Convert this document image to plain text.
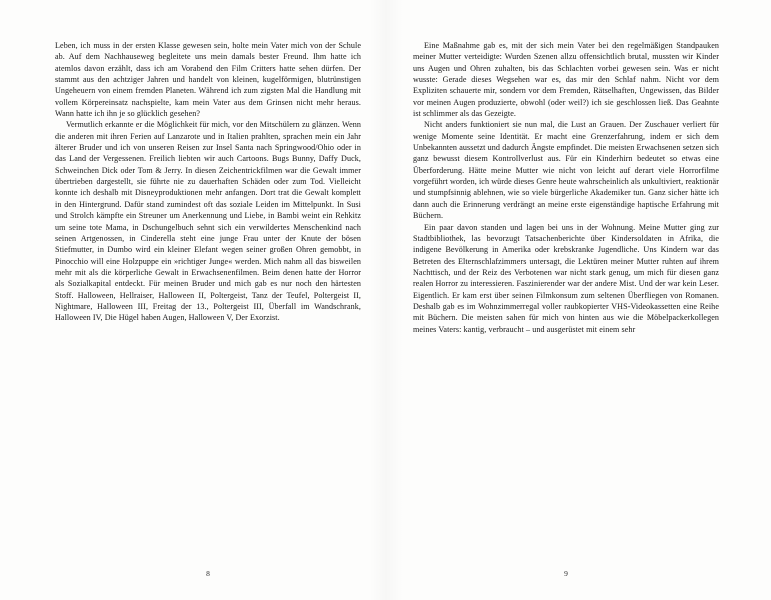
Leben, ich muss in der ersten Klasse gewesen sein, holte mein Vater mich von der Schule ab. Auf dem Nachhauseweg begleitete uns mein damals bester Freund. Ihm hatte ich atemlos davon erzählt, dass ich am Vorabend den Film Critters hatte sehen dürfen. Der stammt aus den achtziger Jahren und handelt von kleinen, kugelförmigen, blutrünstigen Ungeheuern von einem fremden Planeten. Während ich zum zigsten Mal die Handlung mit vollem Körpereinsatz nachspielte, kam mein Vater aus dem Grinsen nicht mehr heraus. Wann hatte ich ihn je so glücklich gesehen?

Vermutlich erkannte er die Möglichkeit für mich, vor den Mitschülern zu glänzen. Wenn die anderen mit ihren Ferien auf Lanzarote und in Italien prahlten, sprachen mein ein Jahr älterer Bruder und ich von unseren Reisen zur Insel Santa nach Springwood/Ohio oder in das Land der Vergessenen. Freilich liebten wir auch Cartoons. Bugs Bunny, Daffy Duck, Schweinchen Dick oder Tom & Jerry. In diesen Zeichentrickfilmen war die Gewalt immer übertrieben dargestellt, sie führte nie zu dauerhaften Schäden oder zum Tod. Vielleicht konnte ich deshalb mit Disneyproduktionen mehr anfangen. Dort trat die Gewalt komplett in den Hintergrund. Dafür stand zumindest oft das soziale Leiden im Mittelpunkt. In Susi und Strolch kämpfte ein Streuner um Anerkennung und Liebe, in Bambi weint ein Rehkitz um seine tote Mama, in Dschungelbuch sehnt sich ein verwildertes Menschenkind nach seinen Artgenossen, in Cinderella steht eine junge Frau unter der Knute der bösen Stiefmutter, in Dumbo wird ein kleiner Elefant wegen seiner großen Ohren gemobbt, in Pinocchio will eine Holzpuppe ein »richtiger Junge« werden. Mich nahm all das bisweilen mehr mit als die körperliche Gewalt in Erwachsenenfilmen. Beim denen hatte der Horror als Sozialkapital entdeckt. Für meinen Bruder und mich gab es nur noch den härtesten Stoff. Halloween, Hellraiser, Halloween II, Poltergeist, Tanz der Teufel, Poltergeist II, Nightmare, Halloween III, Freitag der 13., Poltergeist III, Überfall im Wandschrank, Halloween IV, Die Hügel haben Augen, Halloween V, Der Exorzist.

Eine Maßnahme gab es, mit der sich mein Vater bei den regelmäßigen Standpauken meiner Mutter verteidigte: Wurden Szenen allzu offensichtlich brutal, mussten wir Kinder uns Augen und Ohren zuhalten, bis das Schlachten vorbei gewesen sein. Was er nicht wusste: Gerade dieses Wegsehen war es, das mir den Schlaf nahm. Nicht vor dem Expliziten schauerte mir, sondern vor dem Fremden, Rätselhaften, Ungewissen, das Bilder vor meinen Augen produzierte, obwohl (oder weil?) ich sie geschlossen ließ. Das Geahnte ist schlimmer als das Gezeigte.

Nicht anders funktioniert sie nun mal, die Lust an Grauen. Der Zuschauer verliert für wenige Momente seine Identität. Er macht eine Grenzerfahrung, indem er sich dem Unbekannten aussetzt und dadurch Ängste empfindet. Die meisten Erwachsenen setzen sich ganz bewusst diesem Kontrollverlust aus. Für ein Kinderhirn bedeutet so etwas eine Überforderung. Hätte meine Mutter wie nicht von leicht auf derart viele Horrorfilme vorgeführt worden, ich würde dieses Genre heute wahrscheinlich als unkultiviert, reaktionär und stumpfsinnig ablehnen, wie so viele bürgerliche Akademiker tun. Ganz sicher hätte ich dann auch die Erinnerung verdrängt an meine erste eigenständige haptische Erfahrung mit Büchern.

Ein paar davon standen und lagen bei uns in der Wohnung. Meine Mutter ging zur Stadtbibliothek, las bevorzugt Tatsachenberichte über Kindersoldaten in Afrika, die indigene Bevölkerung in Amerika oder krebskranke Jugendliche. Uns Kindern war das Betreten des Elternschlafzimmers untersagt, die Lektüren meiner Mutter ruhten auf ihrem Nachttisch, und der Reiz des Verbotenen war nicht stark genug, um mich für diesen ganz realen Horror zu interessieren. Faszinierender war der andere Mist. Und der war kein Leser. Eigentlich. Er kam erst über seinen Filmkonsum zum seltenen Überfliegen von Romanen. Deshalb gab es im Wohnzimmerregal voller raubkopierter VHS-Videokassetten eine Reihe mit Büchern. Die meisten sahen für mich von hinten aus wie die Möbelpackerkollegen meines Vaters: kantig, verbraucht – und ausgerüstet mit einem sehr

8	9
